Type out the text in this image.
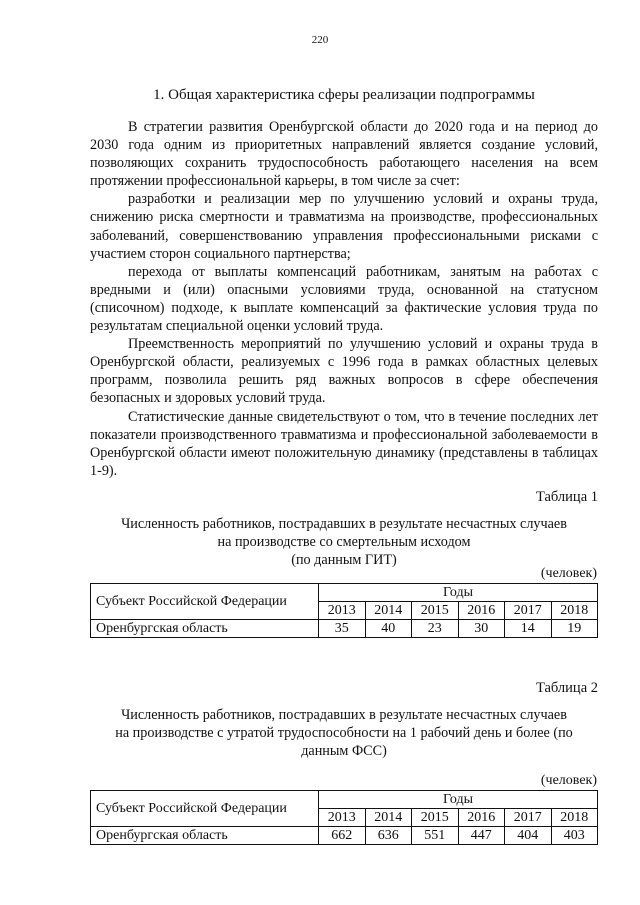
220
1. Общая характеристика сферы реализации подпрограммы

В стратегии развития Оренбургской области до 2020 года и на период до 2030 года одним из приоритетных направлений является создание условий, позволяющих сохранить трудоспособность работающего населения на всем протяжении профессиональной карьеры, в том числе за счет:

разработки и реализации мер по улучшению условий и охраны труда, снижению риска смертности и травматизма на производстве, профессиональных заболеваний, совершенствованию управления профессиональными рисками с участием сторон социального партнерства;

перехода от выплаты компенсаций работникам, занятым на работах с вредными и (или) опасными условиями труда, основанной на статусном (списочном) подходе, к выплате компенсаций за фактические условия труда по результатам специальной оценки условий труда.

Преемственность мероприятий по улучшению условий и охраны труда в Оренбургской области, реализуемых с 1996 года в рамках областных целевых программ, позволила решить ряд важных вопросов в сфере обеспечения безопасных и здоровых условий труда.

Статистические данные свидетельствуют о том, что в течение последних лет показатели производственного травматизма и профессиональной заболеваемости в Оренбургской области имеют положительную динамику (представлены в таблицах 1-9).

Таблица 1
Численность работников, пострадавших в результате несчастных случаев
на производстве со смертельным исходом
(по данным ГИТ)
(человек)
Субъект Российской Федерации	Годы					
	2013	2014	2015	2016	2017	2018
Оренбургская область	35	40	23	30	14	19
Таблица 2
Численность работников, пострадавших в результате несчастных случаев
на производстве с утратой трудоспособности на 1 рабочий день и более (по
данным ФСС)
(человек)
Субъект Российской Федерации	Годы					
	2013	2014	2015	2016	2017	2018
Оренбургская область	662	636	551	447	404	403
